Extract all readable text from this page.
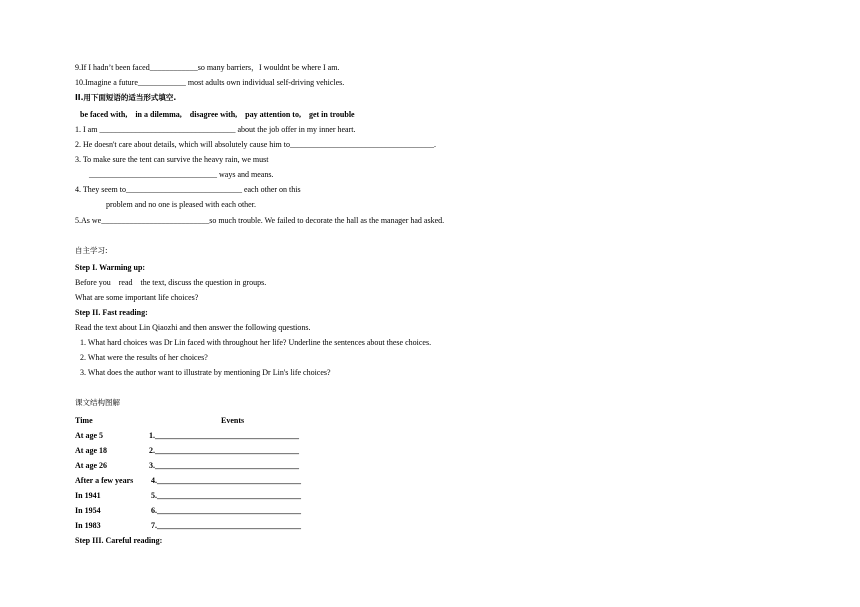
9.If I hadn’t been faced____________so many barriers，I wouldnt be where I am.
10.Imagine a future____________ most adults own individual self-driving vehicles.
II.用下面短语的适当形式填空.
be faced with,    in a dilemma,    disagree with,    pay attention to,    get in trouble
1. I am __________________________________ about the job offer in my inner heart.
2. He doesn't care about details, which will absolutely cause him to____________________________________.
3. To make sure the tent can survive the heavy rain, we must
________________________________ ways and means.
4. They seem to_____________________________ each other on this
problem and no one is pleased with each other.
5.As we___________________________so much trouble. We failed to decorate the hall as the manager had asked.
自主学习:
Step I. Warming up:
Before you    read    the text, discuss the question in groups.
What are some important life choices?
Step II. Fast reading:
Read the text about Lin Qiaozhi and then answer the following questions.
1. What hard choices was Dr Lin faced with throughout her life? Underline the sentences about these choices.
2. What were the results of her choices?
3. What does the author want to illustrate by mentioning Dr Lin's life choices?
课文结构图解
Time	Events
At age 5	1.____________________________________
At age 18	2.____________________________________
At age 26	3.____________________________________
After a few years 4.____________________________________
In 1941	5.____________________________________
In 1954	6.____________________________________
In 1983	7.____________________________________
Step III. Careful reading:
